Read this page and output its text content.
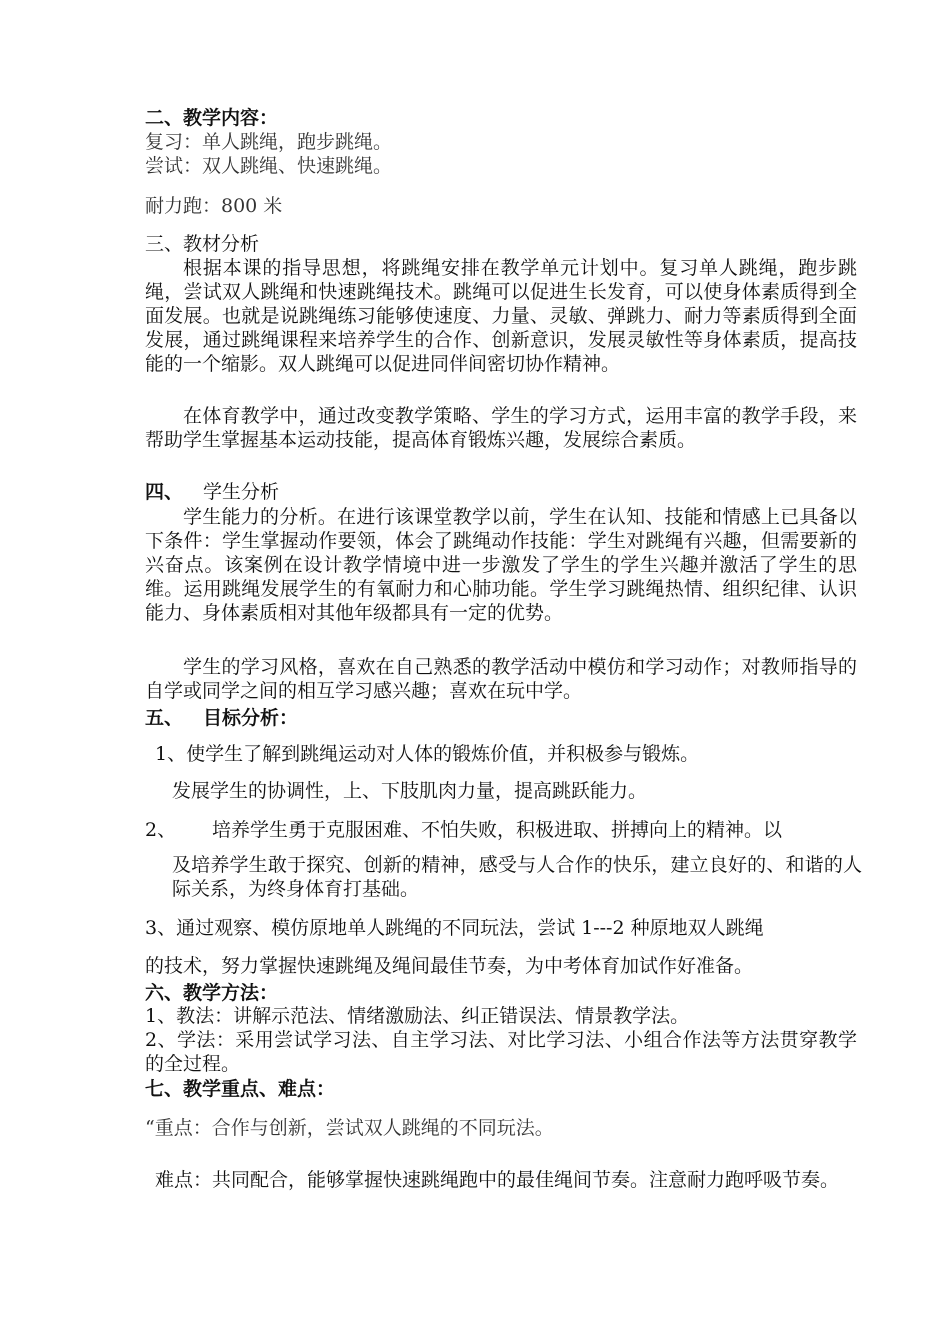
二、教学内容：
复习：单人跳绳，跑步跳绳。
尝试：双人跳绳、快速跳绳。
耐力跑：800 米
三、教材分析
根据本课的指导思想，将跳绳安排在教学单元计划中。复习单人跳绳，跑步跳绳，尝试双人跳绳和快速跳绳技术。跳绳可以促进生长发育，可以使身体素质得到全面发展。也就是说跳绳练习能够使速度、力量、灵敏、弹跳力、耐力等素质得到全面发展，通过跳绳课程来培养学生的合作、创新意识，发展灵敏性等身体素质，提高技能的一个缩影。双人跳绳可以促进同伴间密切协作精神。
在体育教学中，通过改变教学策略、学生的学习方式，运用丰富的教学手段，来帮助学生掌握基本运动技能，提高体育锻炼兴趣，发展综合素质。
四、 学生分析
学生能力的分析。在进行该课堂教学以前，学生在认知、技能和情感上已具备以下条件：学生掌握动作要领，体会了跳绳动作技能：学生对跳绳有兴趣，但需要新的兴奋点。该案例在设计教学情境中进一步激发了学生的学生兴趣并激活了学生的思维。运用跳绳发展学生的有氧耐力和心肺功能。学生学习跳绳热情、组织纪律、认识能力、身体素质相对其他年级都具有一定的优势。
学生的学习风格，喜欢在自己熟悉的教学活动中模仿和学习动作；对教师指导的自学或同学之间的相互学习感兴趣；喜欢在玩中学。
五、 目标分析：
1、使学生了解到跳绳运动对人体的锻炼价值，并积极参与锻炼。
发展学生的协调性，上、下肢肌肉力量，提高跳跃能力。
2、	培养学生勇于克服困难、不怕失败，积极进取、拼搏向上的精神。以
及培养学生敢于探究、创新的精神，感受与人合作的快乐，建立良好的、和谐的人际关系，为终身体育打基础。
3、通过观察、模仿原地单人跳绳的不同玩法，尝试 1---2 种原地双人跳绳
的技术，努力掌握快速跳绳及绳间最佳节奏，为中考体育加试作好准备。
六、教学方法：
1、教法：讲解示范法、情绪激励法、纠正错误法、情景教学法。
2、学法：采用尝试学习法、自主学习法、对比学习法、小组合作法等方法贯穿教学的全过程。
七、教学重点、难点：
“重点：合作与创新，尝试双人跳绳的不同玩法。
难点：共同配合，能够掌握快速跳绳跑中的最佳绳间节奏。注意耐力跑呼吸节奏。
